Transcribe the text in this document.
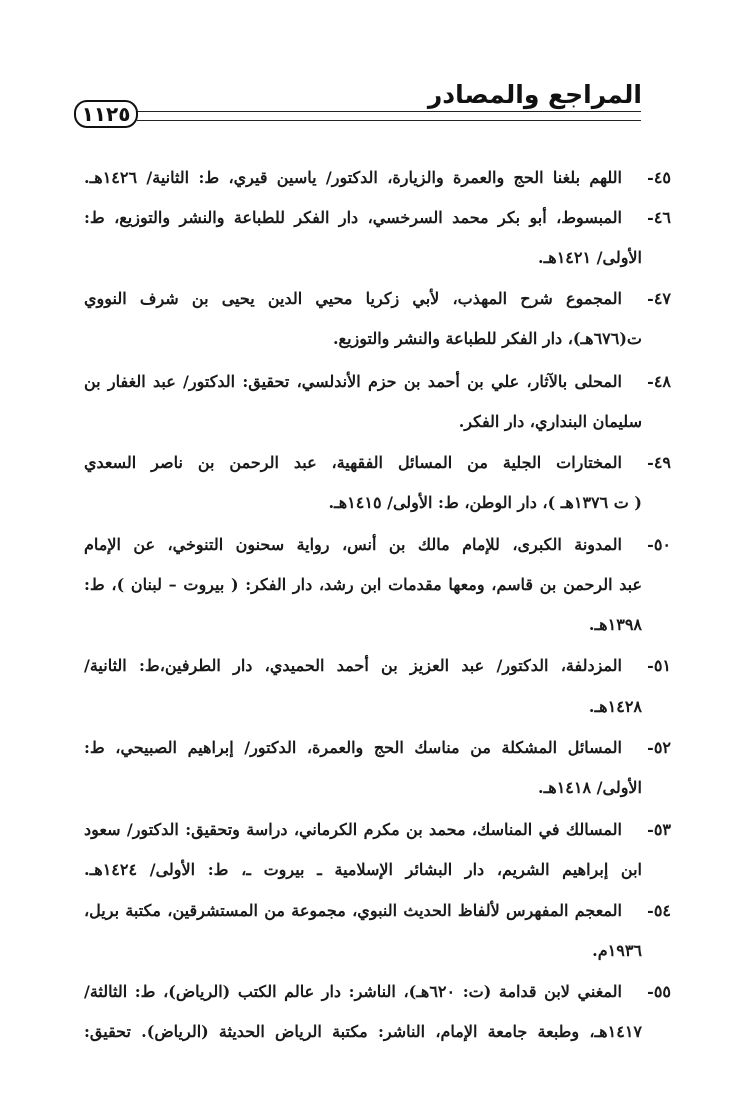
المراجع والمصادر
١١٢٥
٤٥-
اللهم بلغنا الحج والعمرة والزيارة، الدكتور/ ياسين قيري، ط: الثانية/ ١٤٢٦هـ.
٤٦-
المبسوط، أبو بكر محمد السرخسي، دار الفكر للطباعة والنشر والتوزيع، ط:
الأولى/ ١٤٢١هـ.
٤٧-
المجموع شرح المهذب، لأبي زكريا محيي الدين يحيى بن شرف النووي
ت(٦٧٦هـ)، دار الفكر للطباعة والنشر والتوزيع.
٤٨-
المحلى بالآثار، علي بن أحمد بن حزم الأندلسي، تحقيق: الدكتور/ عبد الغفار بن
سليمان البنداري، دار الفكر.
٤٩-
المختارات الجلية من المسائل الفقهية، عبد الرحمن بن ناصر السعدي
( ت ١٣٧٦هـ )، دار الوطن، ط: الأولى/ ١٤١٥هـ.
٥٠-
المدونة الكبرى، للإمام مالك بن أنس، رواية سحنون التنوخي، عن الإمام
عبد الرحمن بن قاسم، ومعها مقدمات ابن رشد، دار الفكر: ( بيروت – لبنان )، ط:
١٣٩٨هـ.
٥١-
المزدلفة، الدكتور/ عبد العزيز بن أحمد الحميدي، دار الطرفين،ط: الثانية/
١٤٢٨هـ.
٥٢-
المسائل المشكلة من مناسك الحج والعمرة، الدكتور/ إبراهيم الصبيحي، ط:
الأولى/ ١٤١٨هـ.
٥٣-
المسالك في المناسك، محمد بن مكرم الكرماني، دراسة وتحقيق: الدكتور/ سعود
ابن إبراهيم الشريم، دار البشائر الإسلامية ـ بيروت ـ، ط: الأولى/ ١٤٢٤هـ.
٥٤-
المعجم المفهرس لألفاظ الحديث النبوي، مجموعة من المستشرقين، مكتبة بريل،
١٩٣٦م.
٥٥-
المغني لابن قدامة (ت: ٦٢٠هـ)، الناشر: دار عالم الكتب (الرياض)، ط: الثالثة/
١٤١٧هـ، وطبعة جامعة الإمام، الناشر: مكتبة الرياض الحديثة (الرياض). تحقيق:
